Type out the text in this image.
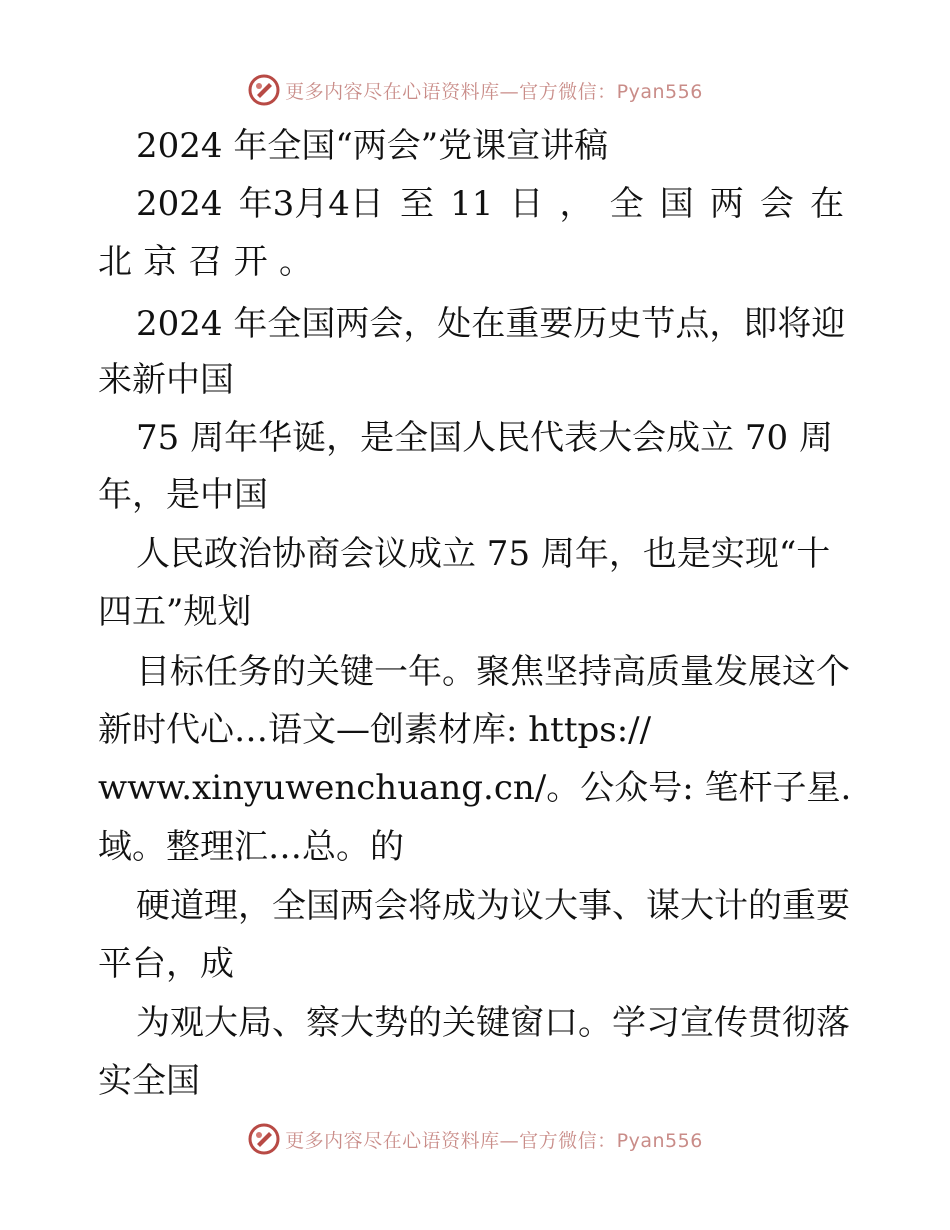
更多内容尽在心语资料库—官方微信：Pyan556
2024 年全国“两会”党课宣讲稿
2024 年3月4日 至 11 日 ， 全 国 两 会 在
北 京 召 开 。
2024 年全国两会，处在重要历史节点，即将迎
来新中国
75 周年华诞，是全国人民代表大会成立 70 周
年，是中国
人民政治协商会议成立 75 周年，也是实现“十
四五”规划
目标任务的关键一年。聚焦坚持高质量发展这个
新时代心…语文—创素材库: https://
www.xinyuwenchuang.cn/。公众号: 笔杆子星.
域。整理汇…总。的
硬道理，全国两会将成为议大事、谋大计的重要
平台，成
为观大局、察大势的关键窗口。学习宣传贯彻落
实全国
更多内容尽在心语资料库—官方微信：Pyan556
